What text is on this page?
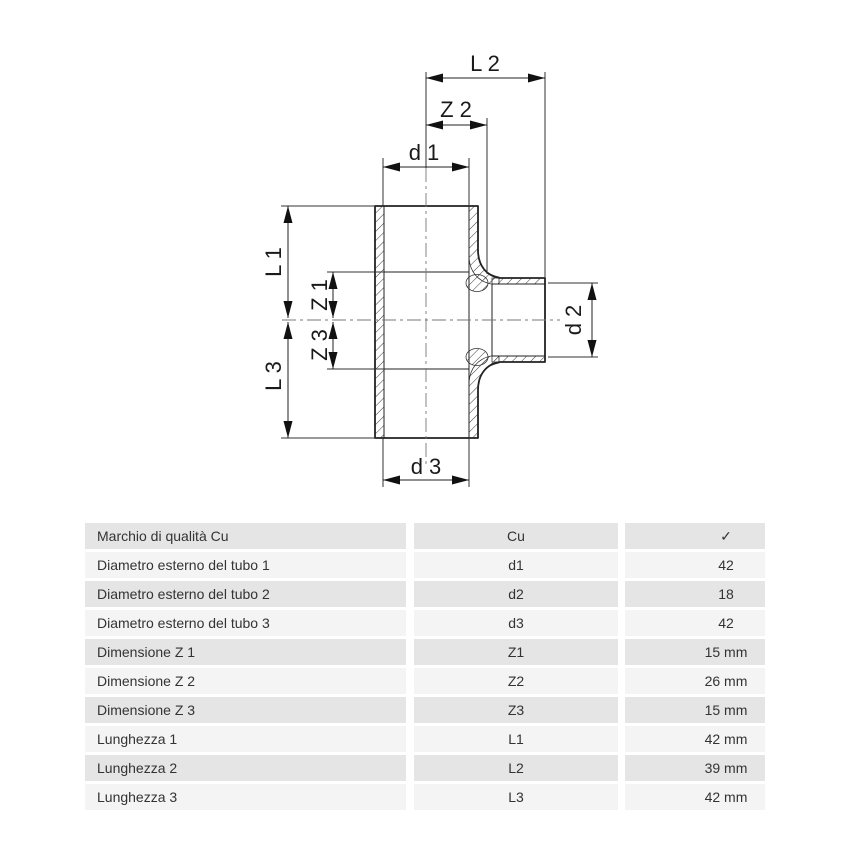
L 2
Z 2
d 1
L 1
Z 1
Z 3
L 3
d 2
d 3
Marchio di qualità Cu	Cu	✓
Diametro esterno del tubo 1	d1	42
Diametro esterno del tubo 2	d2	18
Diametro esterno del tubo 3	d3	42
Dimensione Z 1	Z1	15 mm
Dimensione Z 2	Z2	26 mm
Dimensione Z 3	Z3	15 mm
Lunghezza 1	L1	42 mm
Lunghezza 2	L2	39 mm
Lunghezza 3	L3	42 mm
